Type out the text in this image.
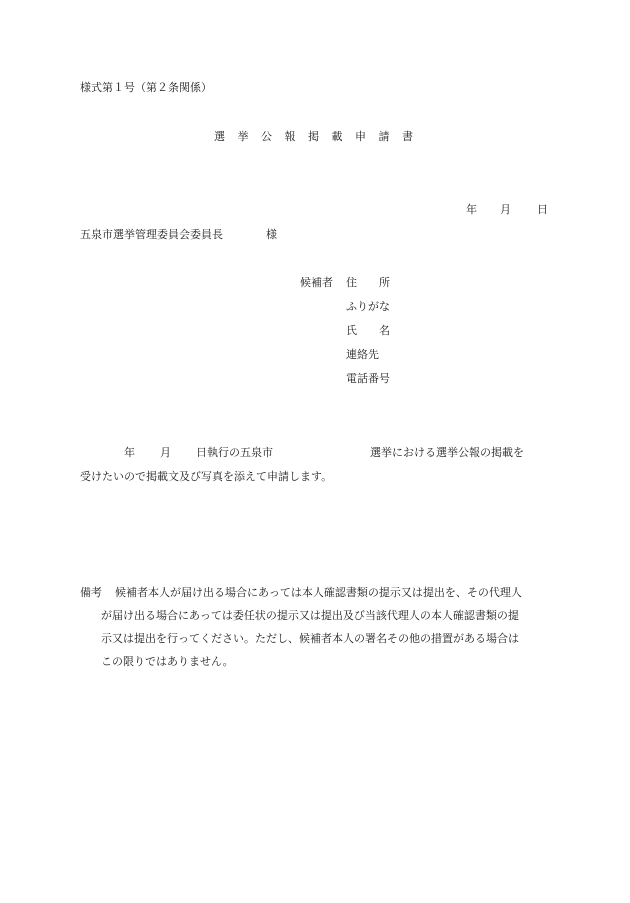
様式第１号（第２条関係）
選挙公報掲載申請書
年 月 日
五泉市選挙管理委員会委員長	様
候補者 住　　所
ふりがな
氏　　名
連絡先
電話番号
年 月 日執行の五泉市	選挙における選挙公報の掲載を
受けたいので掲載文及び写真を添えて申請します。
備考 候補者本人が届け出る場合にあっては本人確認書類の提示又は提出を、その代理人
が届け出る場合にあっては委任状の提示又は提出及び当該代理人の本人確認書類の提
示又は提出を行ってください。ただし、候補者本人の署名その他の措置がある場合は
この限りではありません。
